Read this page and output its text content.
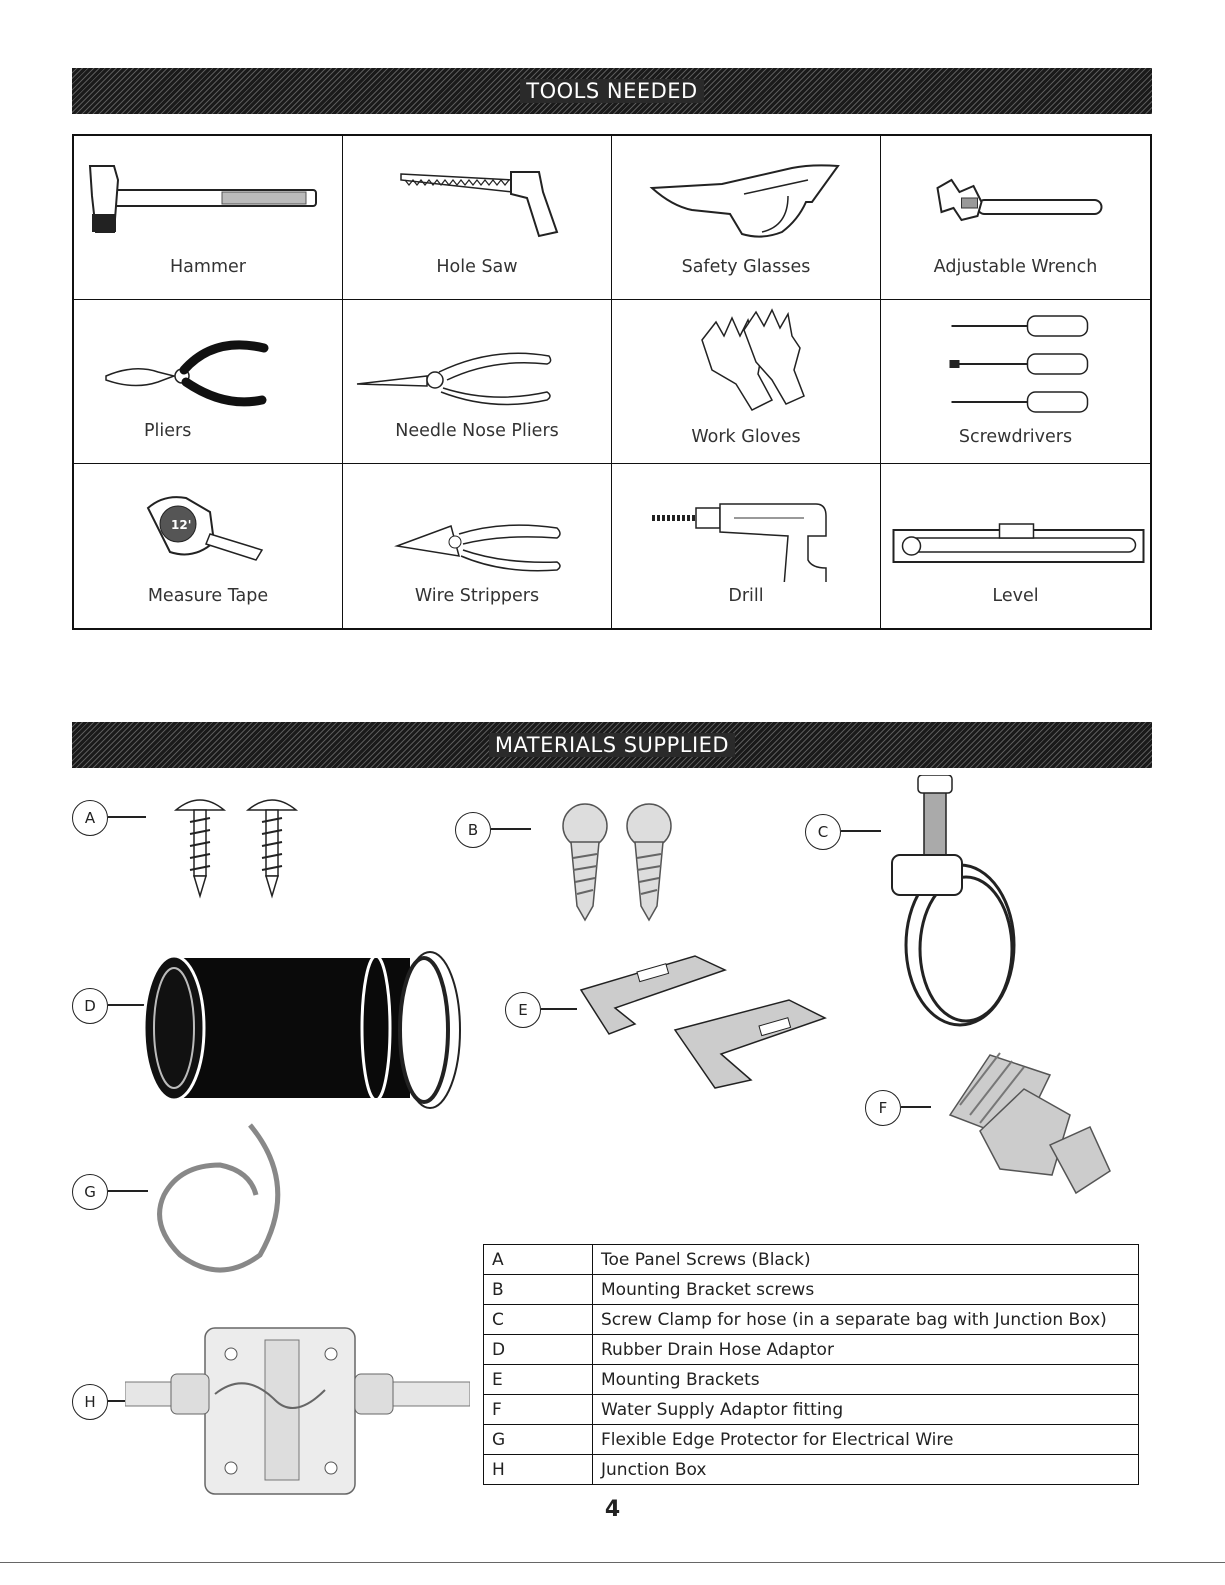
TOOLS NEEDED
Hammer	Hole Saw	Safety Glasses	Adjustable Wrench
Pliers	Needle Nose Pliers	Work Gloves	Screwdrivers
12'
Measure Tape	Wire Strippers	Drill	Level
MATERIALS SUPPLIED
A
B	C
D	E
F
G
H
A	Toe Panel Screws (Black)
B	Mounting Bracket screws
C	Screw Clamp for hose (in a separate bag with Junction Box)
D	Rubber Drain Hose Adaptor
E	Mounting Brackets
F	Water Supply Adaptor fitting
G	Flexible Edge Protector for Electrical Wire
H	Junction Box
4
